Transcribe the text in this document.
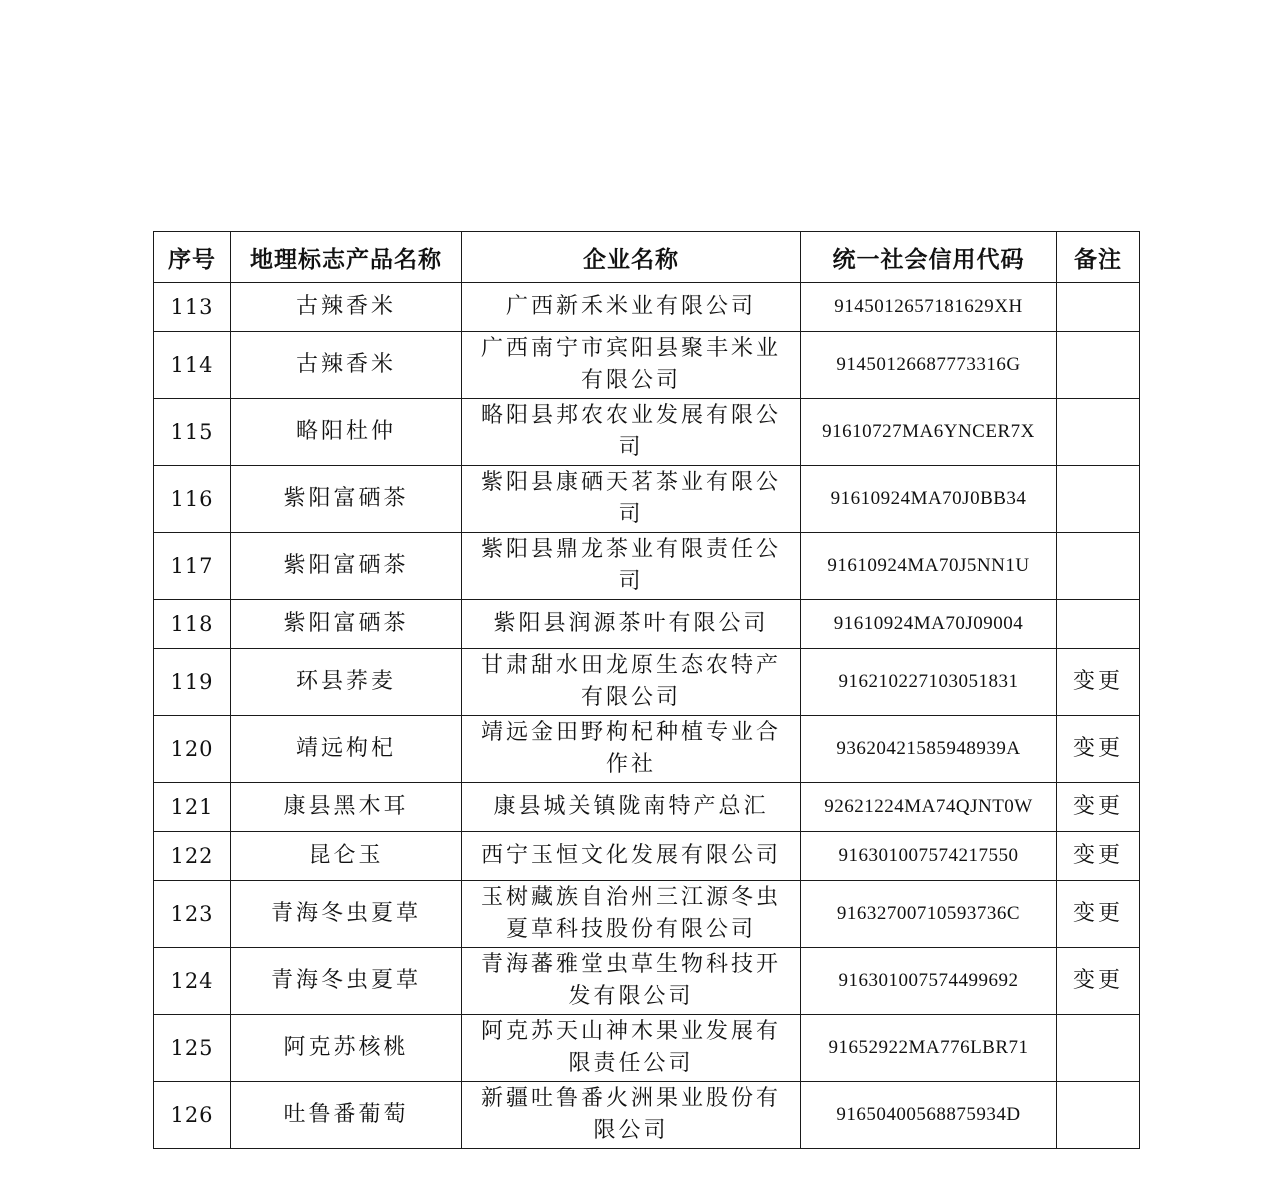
序号	地理标志产品名称	企业名称	统一社会信用代码	备注
113	古辣香米	广西新禾米业有限公司	9145012657181629XH	
114	古辣香米	广西南宁市宾阳县聚丰米业有限公司	91450126687773316G	
115	略阳杜仲	略阳县邦农农业发展有限公司	91610727MA6YNCER7X	
116	紫阳富硒茶	紫阳县康硒天茗茶业有限公司	91610924MA70J0BB34	
117	紫阳富硒茶	紫阳县鼎龙茶业有限责任公司	91610924MA70J5NN1U	
118	紫阳富硒茶	紫阳县润源茶叶有限公司	91610924MA70J09004	
119	环县荞麦	甘肃甜水田龙原生态农特产有限公司	916210227103051831	变更
120	靖远枸杞	靖远金田野枸杞种植专业合作社	93620421585948939A	变更
121	康县黑木耳	康县城关镇陇南特产总汇	92621224MA74QJNT0W	变更
122	昆仑玉	西宁玉恒文化发展有限公司	916301007574217550	变更
123	青海冬虫夏草	玉树藏族自治州三江源冬虫夏草科技股份有限公司	91632700710593736C	变更
124	青海冬虫夏草	青海蕃雅堂虫草生物科技开发有限公司	916301007574499692	变更
125	阿克苏核桃	阿克苏天山神木果业发展有限责任公司	91652922MA776LBR71	
126	吐鲁番葡萄	新疆吐鲁番火洲果业股份有限公司	91650400568875934D	
